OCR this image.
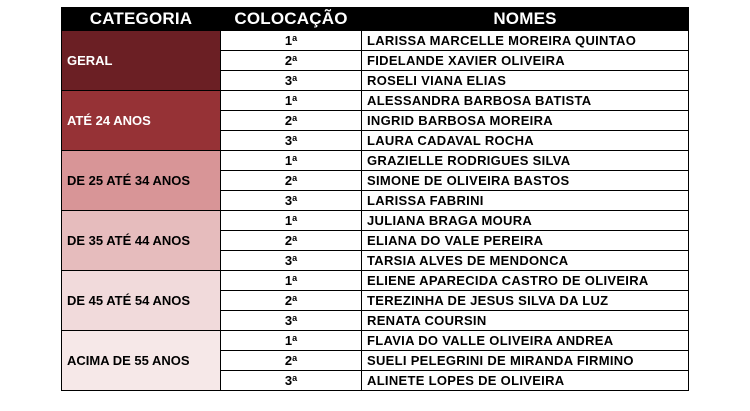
CATEGORIA	COLOCAÇÃO	NOMES
GERAL	1$^a$	LARISSA MARCELLE MOREIRA QUINTAO
	2$^a$	FIDELANDE XAVIER OLIVEIRA
	3$^a$	ROSELI VIANA ELIAS
ATÉ 24 ANOS	1$^a$	ALESSANDRA BARBOSA BATISTA
	2$^a$	INGRID BARBOSA MOREIRA
	3$^a$	LAURA CADAVAL ROCHA
DE 25 ATÉ 34 ANOS	1$^a$	GRAZIELLE RODRIGUES SILVA
	2$^a$	SIMONE DE OLIVEIRA BASTOS
	3$^a$	LARISSA FABRINI
DE 35 ATÉ 44 ANOS	1$^a$	JULIANA BRAGA MOURA
	2$^a$	ELIANA DO VALE PEREIRA
	3$^a$	TARSIA ALVES DE MENDONCA
DE 45 ATÉ 54 ANOS	1$^a$	ELIENE APARECIDA CASTRO DE OLIVEIRA
	2$^a$	TEREZINHA DE JESUS SILVA DA LUZ
	3$^a$	RENATA COURSIN
ACIMA DE 55 ANOS	1$^a$	FLAVIA DO VALLE OLIVEIRA ANDREA
	2$^a$	SUELI PELEGRINI DE MIRANDA FIRMINO
	3$^a$	ALINETE LOPES DE OLIVEIRA
